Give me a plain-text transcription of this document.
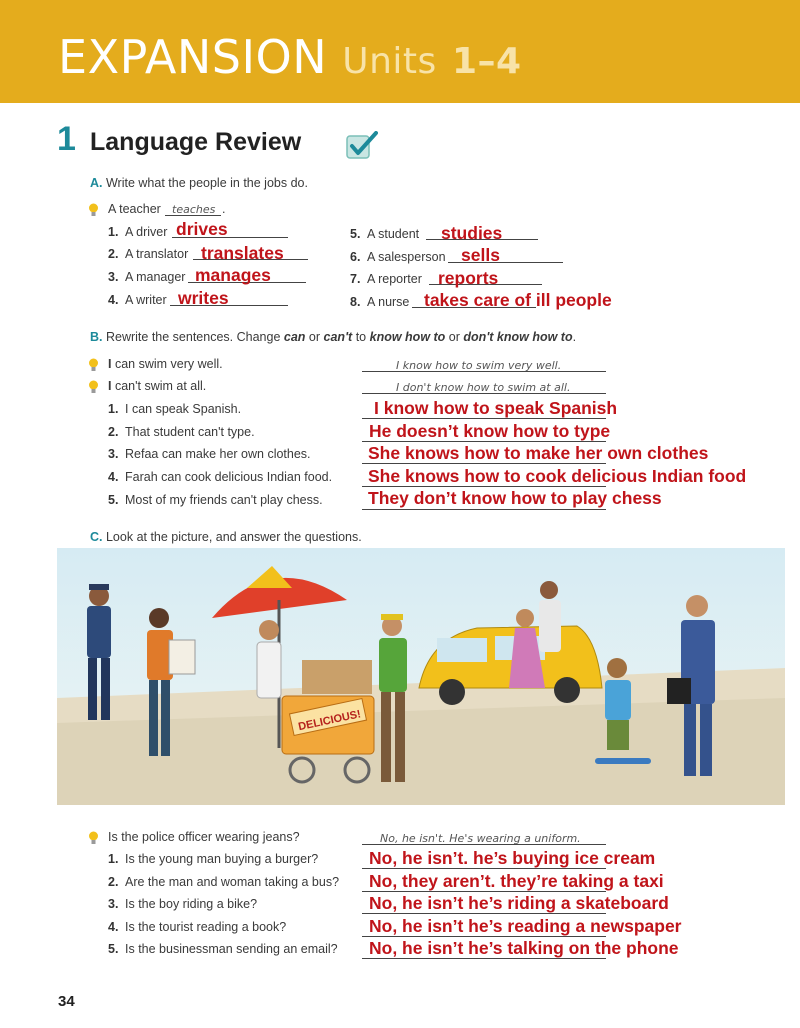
EXPANSION Units 1–4
1 Language Review
A. Write what the people in the jobs do.
A teacher teaches .
1. A driver drives
2. A translator translates
3. A manager manages
4. A writer writes
5. A student studies
6. A salesperson sells
7. A reporter reports
8. A nurse takes care of ill people
B. Rewrite the sentences. Change can or can't to know how to or don't know how to.
I can swim very well.	I know how to swim very well.
I can't swim at all.	I don't know how to swim at all.
1. I can speak Spanish.	I know how to speak Spanish
2. That student can't type.	He doesn’t know how to type
3. Refaa can make her own clothes.	She knows how to make her own clothes
4. Farah can cook delicious Indian food. She knows how to cook delicious Indian food
5. Most of my friends can't play chess.	They don’t know how to play chess
C. Look at the picture, and answer the questions.
DELICIOUS!
Is the police officer wearing jeans?	No, he isn't. He's wearing a uniform.
1. Is the young man buying a burger?	No, he isn’t. he’s buying ice cream
2. Are the man and woman taking a bus? No, they aren’t. they’re taking a taxi
3. Is the boy riding a bike?	No, he isn’t he’s riding a skateboard
4. Is the tourist reading a book?	No, he isn’t he’s reading a newspaper
5. Is the businessman sending an email? No, he isn’t he’s talking on the phone
34
